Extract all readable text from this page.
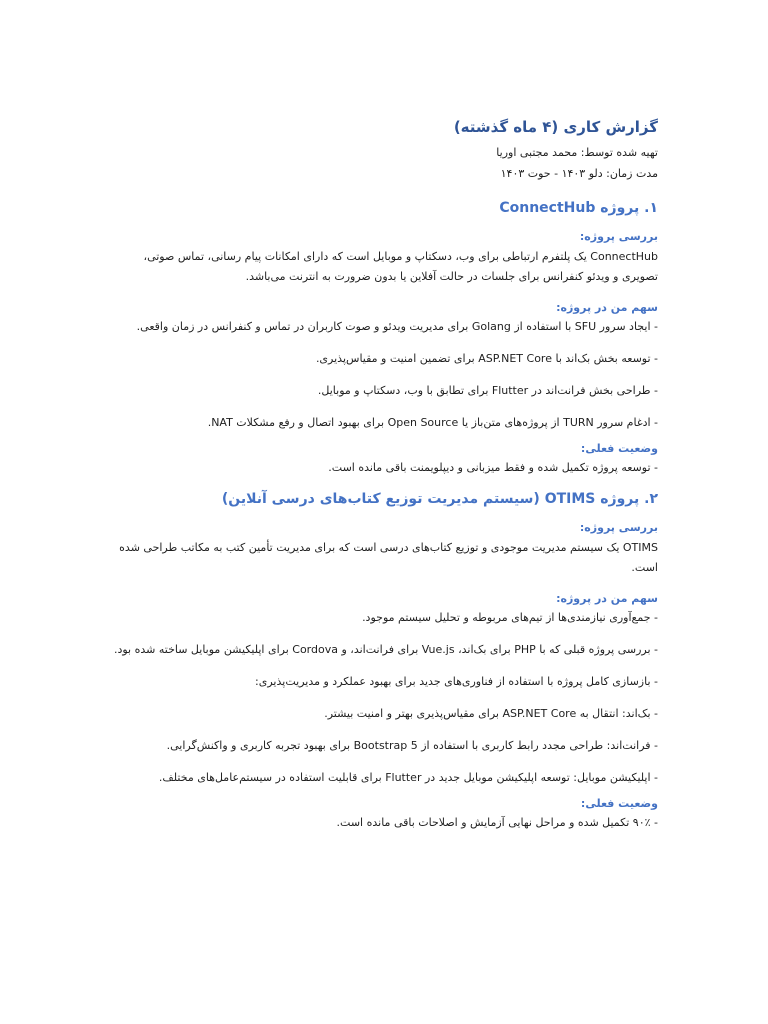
گزارش کاری (۴ ماه گذشته)
تهیه شده توسط: محمد مجتبی اوریا
مدت زمان: دلو ۱۴۰۳ - حوت ۱۴۰۳
۱. پروژه ConnectHub
بررسی پروژه:
ConnectHub یک پلتفرم ارتباطی برای وب، دسکتاپ و موبایل است که دارای امکانات پیام رسانی، تماس صوتی، تصویری و ویدئو کنفرانس برای جلسات در حالت آفلاین یا بدون ضرورت به انترنت می‌باشد.
سهم من در پروژه:
- ایجاد سرور SFU با استفاده از Golang برای مدیریت ویدئو و صوت کاربران در تماس و کنفرانس در زمان واقعی.
- توسعه بخش بک‌اند با ASP.NET Core برای تضمین امنیت و مقیاس‌پذیری.
- طراحی بخش فرانت‌اند در Flutter برای تطابق با وب، دسکتاپ و موبایل.
- ادغام سرور TURN از پروژه‌های متن‌باز یا Open Source برای بهبود اتصال و رفع مشکلات NAT.
وضعیت فعلی:
- توسعه پروژه تکمیل شده و فقط میزبانی و دیپلویمنت باقی مانده است.
۲. پروژه OTIMS (سیستم مدیریت توزیع کتاب‌های درسی آنلاین)
بررسی پروژه:
OTIMS یک سیستم مدیریت موجودی و توزیع کتاب‌های درسی است که برای مدیریت تأمین کتب به مکاتب طراحی شده است.
سهم من در پروژه:
- جمع‌آوری نیازمندی‌ها از تیم‌های مربوطه و تحلیل سیستم موجود.
- بررسی پروژه قبلی که با PHP برای بک‌اند، Vue.js برای فرانت‌اند، و Cordova برای اپلیکیشن موبایل ساخته شده بود.
- بازسازی کامل پروژه با استفاده از فناوری‌های جدید برای بهبود عملکرد و مدیریت‌پذیری:
- بک‌اند: انتقال به ASP.NET Core برای مقیاس‌پذیری بهتر و امنیت بیشتر.
- فرانت‌اند: طراحی مجدد رابط کاربری با استفاده از Bootstrap 5 برای بهبود تجربه کاربری و واکنش‌گرایی.
- اپلیکیشن موبایل: توسعه اپلیکیشن موبایل جدید در Flutter برای قابلیت استفاده در سیستم‌عامل‌های مختلف.
وضعیت فعلی:
- ۹۰٪ تکمیل شده و مراحل نهایی آزمایش و اصلاحات باقی مانده است.
